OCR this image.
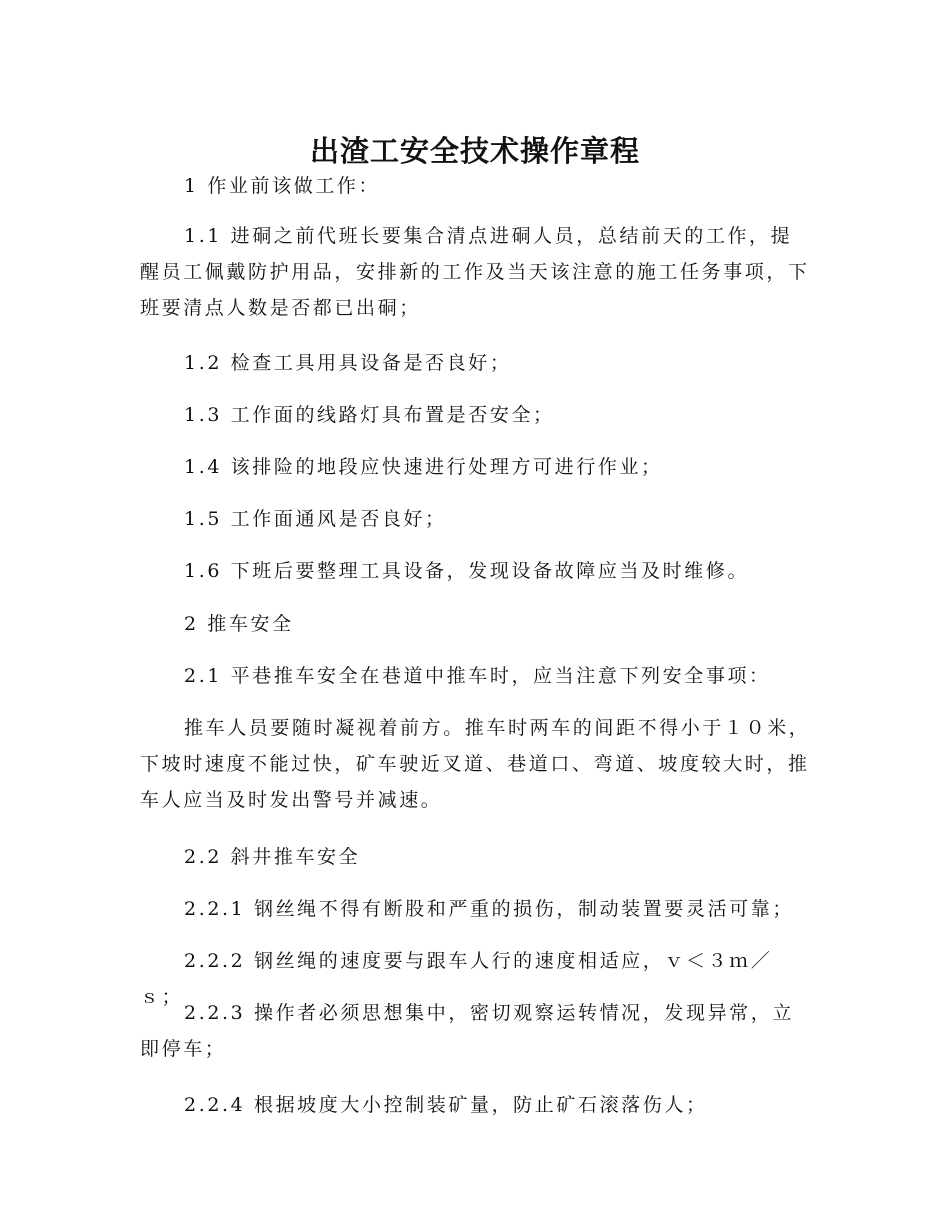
出渣工安全技术操作章程

1 作业前该做工作：

1.1 进硐之前代班长要集合清点进硐人员，总结前天的工作，提醒员工佩戴防护用品，安排新的工作及当天该注意的施工任务事项，下班要清点人数是否都已出硐；

1.2 检查工具用具设备是否良好；

1.3 工作面的线路灯具布置是否安全；

1.4 该排险的地段应快速进行处理方可进行作业；

1.5 工作面通风是否良好；

1.6 下班后要整理工具设备，发现设备故障应当及时维修。

2 推车安全

2.1 平巷推车安全在巷道中推车时，应当注意下列安全事项：

推车人员要随时凝视着前方。推车时两车的间距不得小于１０米，下坡时速度不能过快，矿车驶近叉道、巷道口、弯道、坡度较大时，推车人应当及时发出警号并减速。

2.2 斜井推车安全

2.2.1 钢丝绳不得有断股和严重的损伤，制动装置要灵活可靠；

2.2.2 钢丝绳的速度要与跟车人行的速度相适应，ｖ＜３ｍ／ｓ；

2.2.3 操作者必须思想集中，密切观察运转情况，发现异常，立即停车；

2.2.4 根据坡度大小控制装矿量，防止矿石滚落伤人；
